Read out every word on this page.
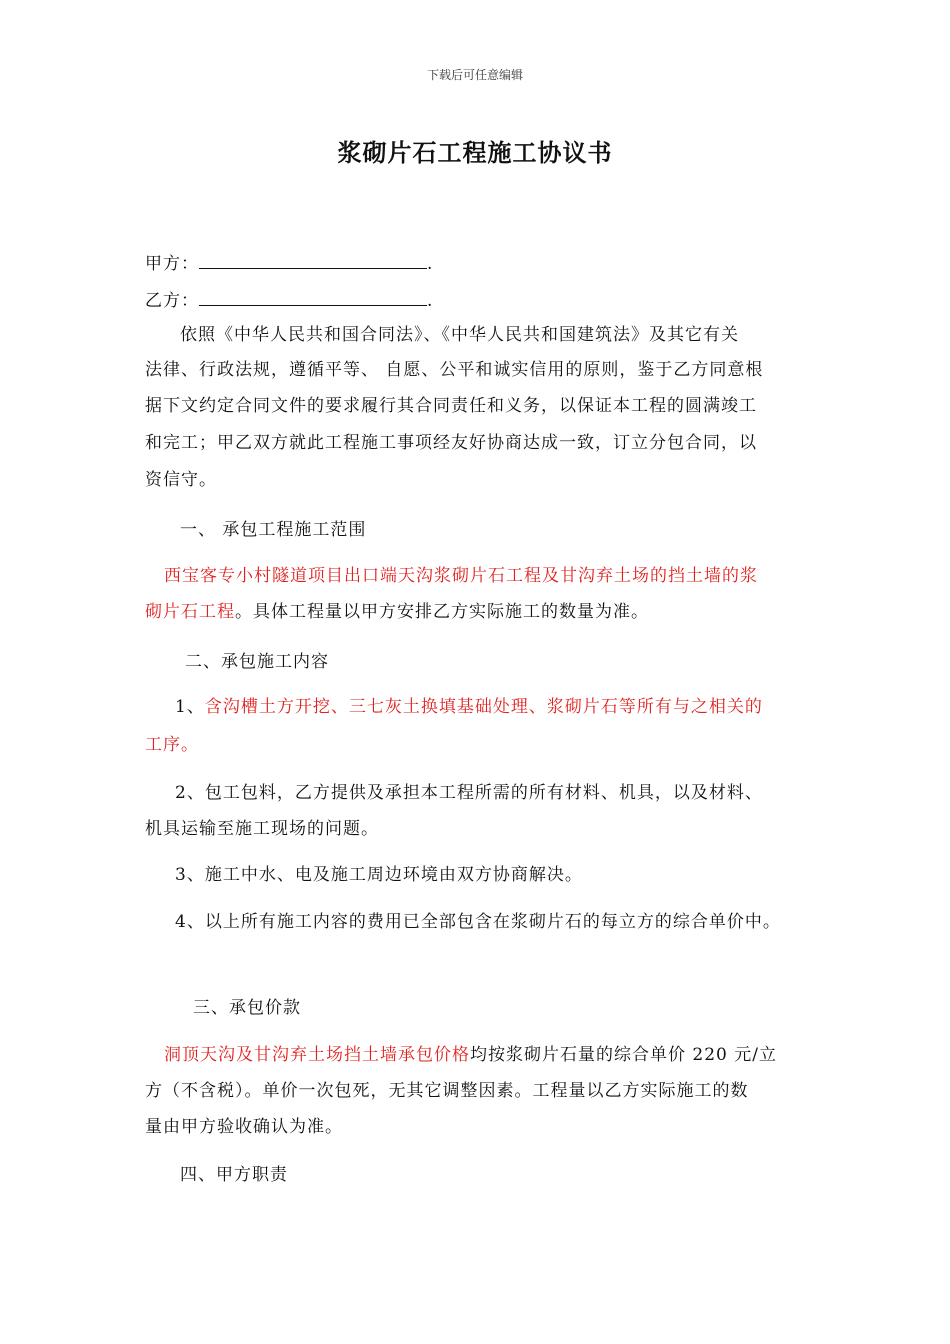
下载后可任意编辑
浆砌片石工程施工协议书
甲方：	.
乙方：	.
依照《中华人民共和国合同法》、《中华人民共和国建筑法》及其它有关
法律、行政法规，遵循平等、 自愿、公平和诚实信用的原则，鉴于乙方同意根
据下文约定合同文件的要求履行其合同责任和义务，以保证本工程的圆满竣工
和完工；甲乙双方就此工程施工事项经友好协商达成一致，订立分包合同，以
资信守。
一、 承包工程施工范围
西宝客专小村隧道项目出口端天沟浆砌片石工程及甘沟弃土场的挡土墙的浆
砌片石工程。具体工程量以甲方安排乙方实际施工的数量为准。
二、承包施工内容
1、含沟槽土方开挖、三七灰土换填基础处理、浆砌片石等所有与之相关的
工序。
2、包工包料，乙方提供及承担本工程所需的所有材料、机具，以及材料、
机具运输至施工现场的问题。
3、施工中水、电及施工周边环境由双方协商解决。
4、以上所有施工内容的费用已全部包含在浆砌片石的每立方的综合单价中。
三、承包价款
洞顶天沟及甘沟弃土场挡土墙承包价格均按浆砌片石量的综合单价 220 元/立
方（不含税）。单价一次包死，无其它调整因素。工程量以乙方实际施工的数
量由甲方验收确认为准。
四、甲方职责
